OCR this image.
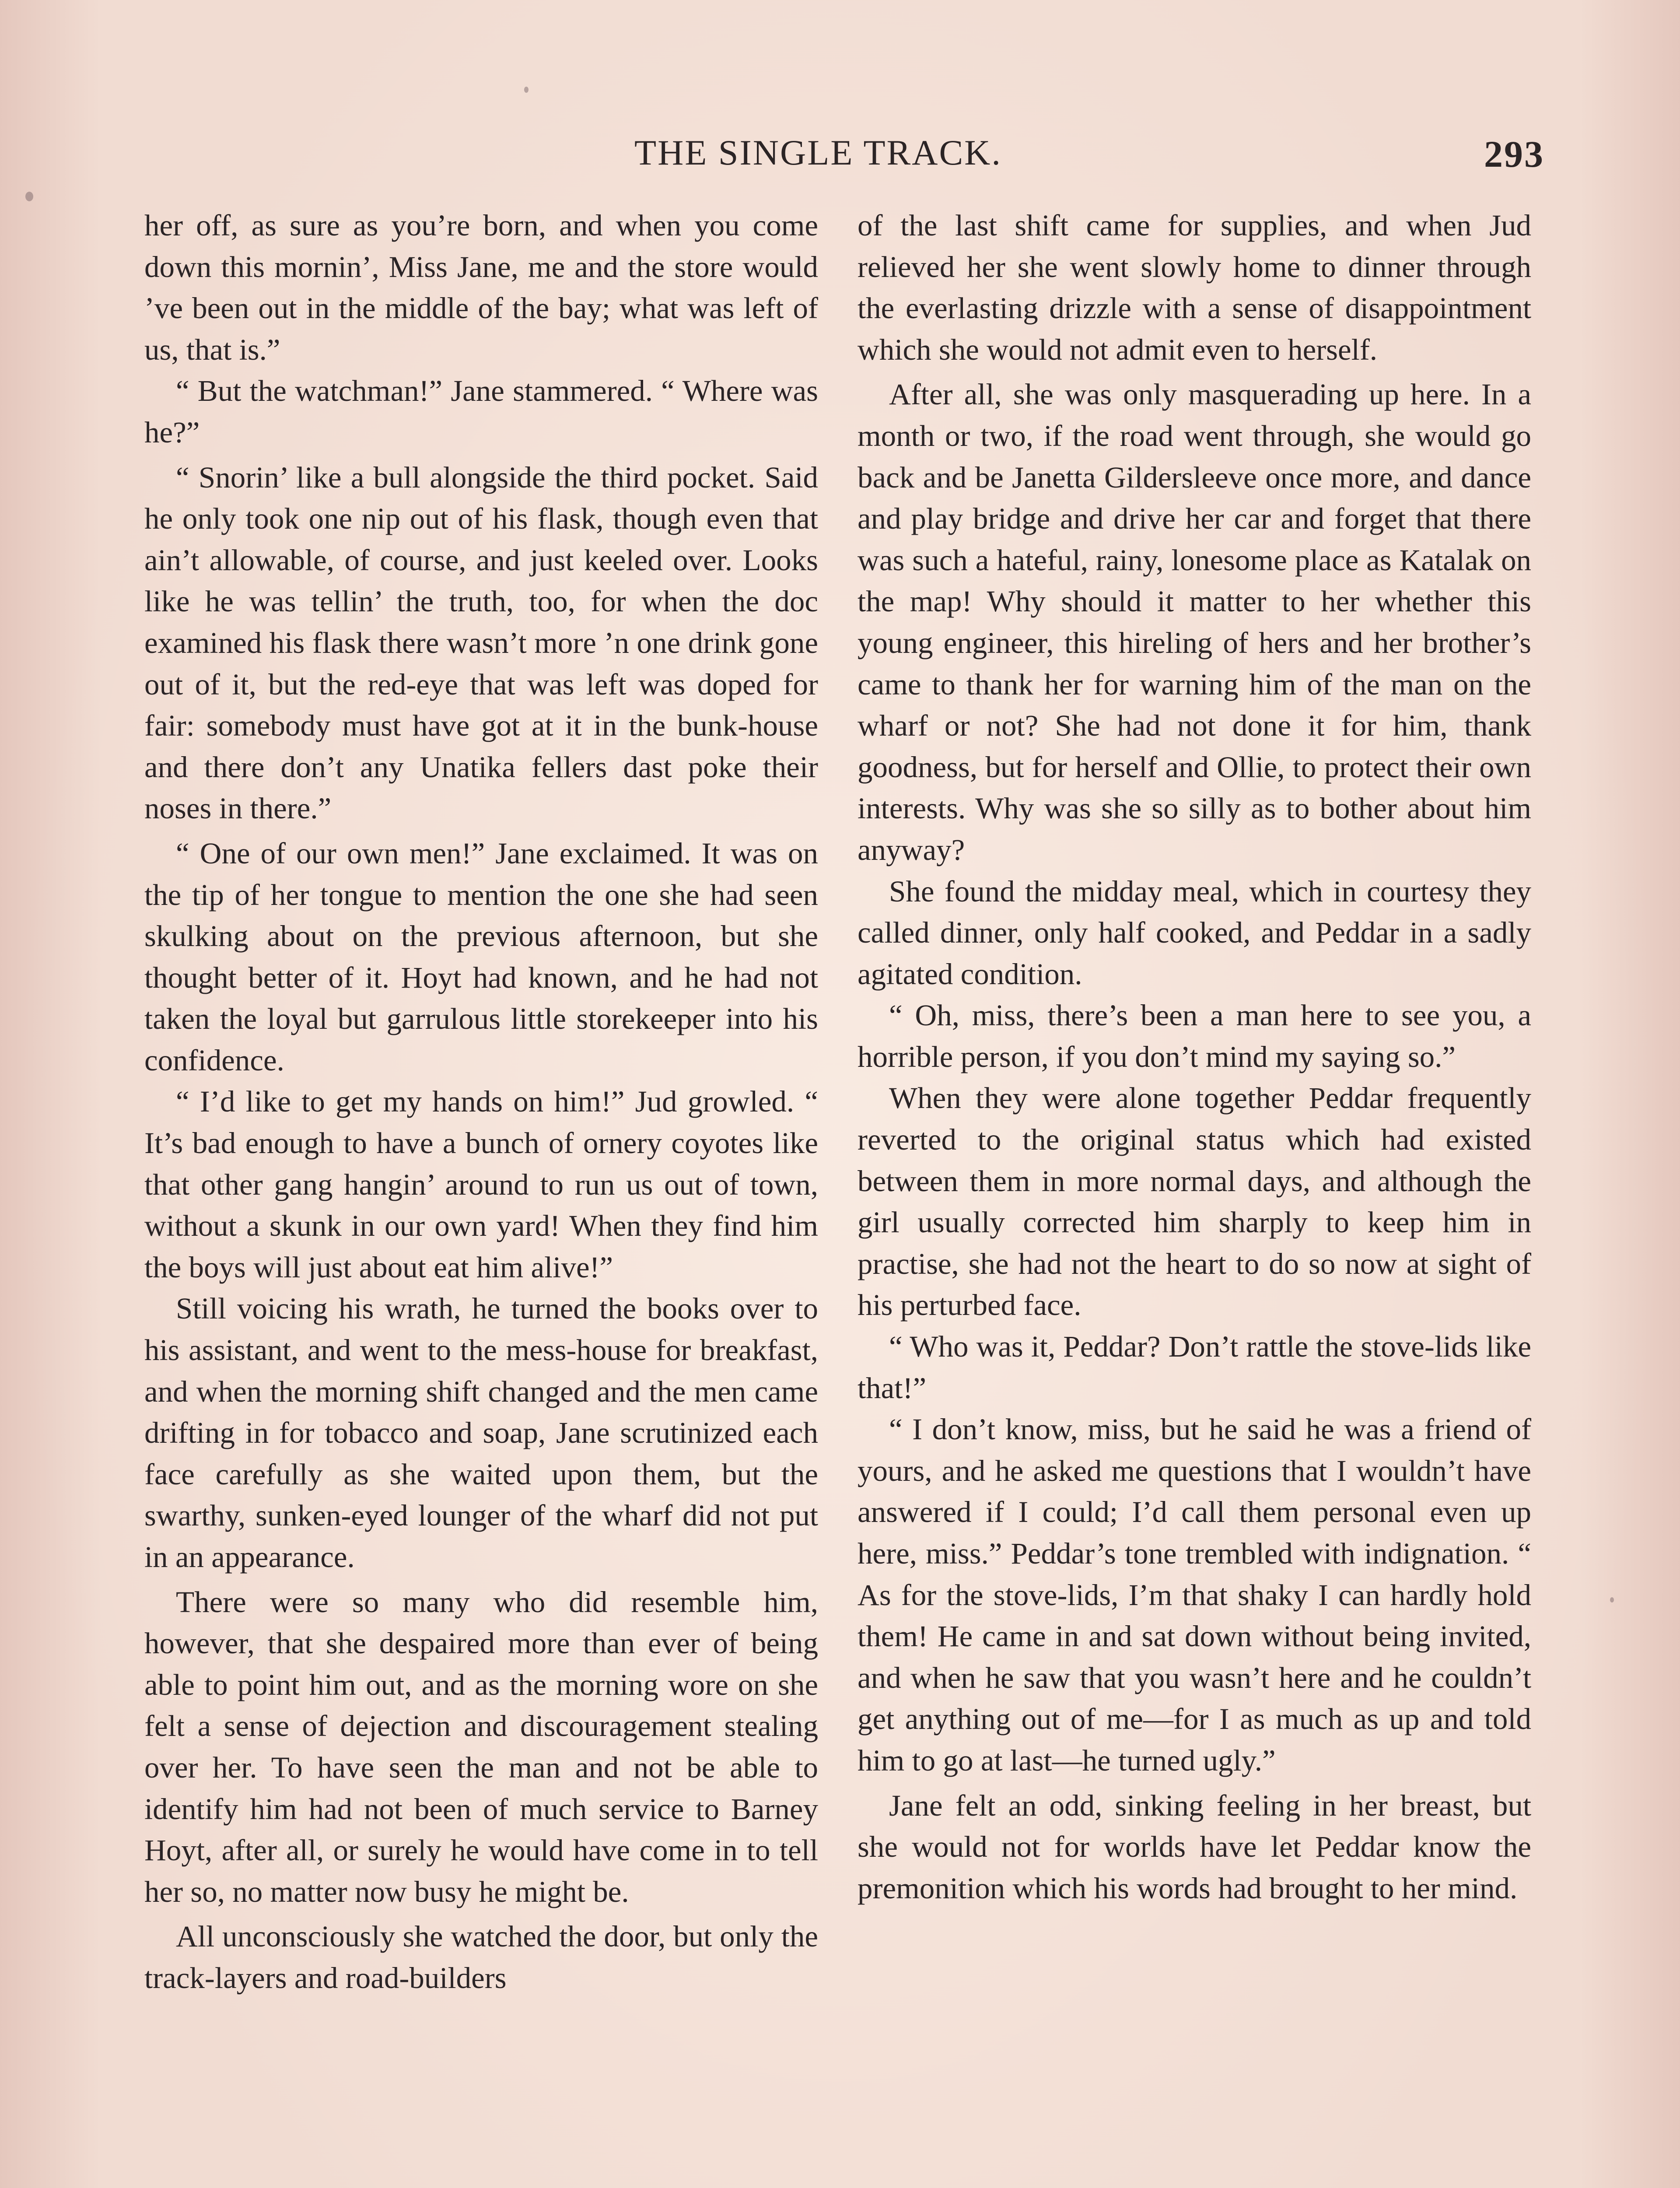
THE SINGLE TRACK.	293

her off, as sure as you’re born, and when you come down this mornin’, Miss Jane, me and the store would ’ve been out in the middle of the bay; what was left of us, that is.”

“ But the watchman!” Jane stammered. “ Where was he?”

“ Snorin’ like a bull alongside the third pocket. Said he only took one nip out of his flask, though even that ain’t allowable, of course, and just keeled over. Looks like he was tellin’ the truth, too, for when the doc examined his flask there wasn’t more ’n one drink gone out of it, but the red-eye that was left was doped for fair: somebody must have got at it in the bunk-house and there don’t any Unatika fellers dast poke their noses in there.”

“ One of our own men!” Jane exclaimed. It was on the tip of her tongue to mention the one she had seen skulking about on the previous afternoon, but she thought better of it. Hoyt had known, and he had not taken the loyal but garrulous little storekeeper into his confidence.

“ I’d like to get my hands on him!” Jud growled. “ It’s bad enough to have a bunch of ornery coyotes like that other gang hangin’ around to run us out of town, without a skunk in our own yard! When they find him the boys will just about eat him alive!”

Still voicing his wrath, he turned the books over to his assistant, and went to the mess-house for breakfast, and when the morning shift changed and the men came drifting in for tobacco and soap, Jane scrutinized each face carefully as she waited upon them, but the swarthy, sunken-eyed lounger of the wharf did not put in an appearance.

There were so many who did resemble him, however, that she despaired more than ever of being able to point him out, and as the morning wore on she felt a sense of dejection and discouragement stealing over her. To have seen the man and not be able to identify him had not been of much service to Barney Hoyt, after all, or surely he would have come in to tell her so, no matter now busy he might be.

All unconsciously she watched the door, but only the track-layers and road-builders

of the last shift came for supplies, and when Jud relieved her she went slowly home to dinner through the everlasting drizzle with a sense of disappointment which she would not admit even to herself.

After all, she was only masquerading up here. In a month or two, if the road went through, she would go back and be Janetta Gildersleeve once more, and dance and play bridge and drive her car and forget that there was such a hateful, rainy, lonesome place as Katalak on the map! Why should it matter to her whether this young engineer, this hireling of hers and her brother’s came to thank her for warning him of the man on the wharf or not? She had not done it for him, thank goodness, but for herself and Ollie, to protect their own interests. Why was she so silly as to bother about him anyway?

She found the midday meal, which in courtesy they called dinner, only half cooked, and Peddar in a sadly agitated condition.

“ Oh, miss, there’s been a man here to see you, a horrible person, if you don’t mind my saying so.”

When they were alone together Peddar frequently reverted to the original status which had existed between them in more normal days, and although the girl usually corrected him sharply to keep him in practise, she had not the heart to do so now at sight of his perturbed face.

“ Who was it, Peddar? Don’t rattle the stove-lids like that!”

“ I don’t know, miss, but he said he was a friend of yours, and he asked me questions that I wouldn’t have answered if I could; I’d call them personal even up here, miss.” Peddar’s tone trembled with indignation. “ As for the stove-lids, I’m that shaky I can hardly hold them! He came in and sat down without being invited, and when he saw that you wasn’t here and he couldn’t get anything out of me—for I as much as up and told him to go at last—he turned ugly.”

Jane felt an odd, sinking feeling in her breast, but she would not for worlds have let Peddar know the premonition which his words had brought to her mind.
